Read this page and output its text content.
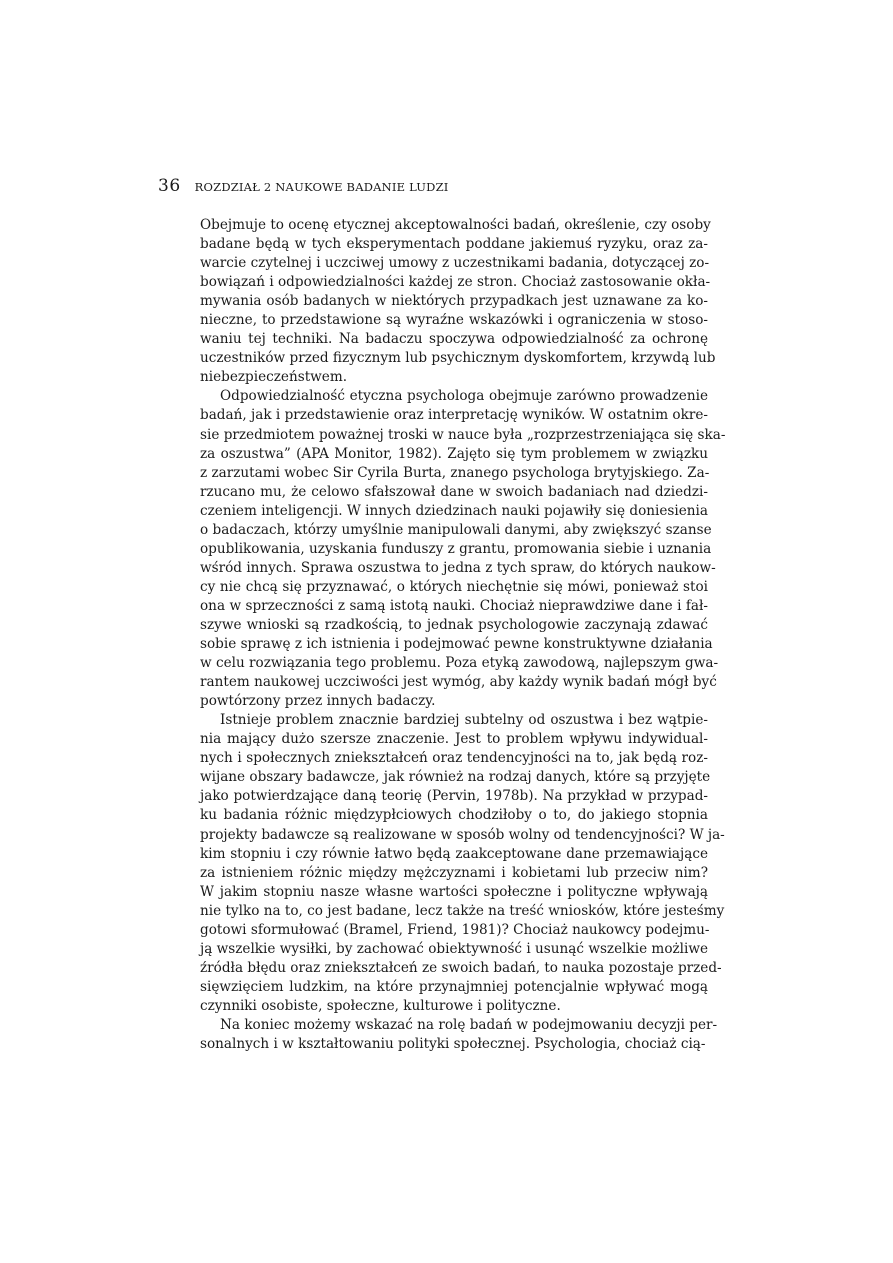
36 ROZDZIAŁ 2 NAUKOWE BADANIE LUDZI
Obejmuje to ocenę etycznej akceptowalności badań, określenie, czy osoby
badane będą w tych eksperymentach poddane jakiemuś ryzyku, oraz za-
warcie czytelnej i uczciwej umowy z uczestnikami badania, dotyczącej zo-
bowiązań i odpowiedzialności każdej ze stron. Chociaż zastosowanie okła-
mywania osób badanych w niektórych przypadkach jest uznawane za ko-
nieczne, to przedstawione są wyraźne wskazówki i ograniczenia w stoso-
waniu tej techniki. Na badaczu spoczywa odpowiedzialność za ochronę
uczestników przed fizycznym lub psychicznym dyskomfortem, krzywdą lub
niebezpieczeństwem.
Odpowiedzialność etyczna psychologa obejmuje zarówno prowadzenie
badań, jak i przedstawienie oraz interpretację wyników. W ostatnim okre-
sie przedmiotem poważnej troski w nauce była „rozprzestrzeniająca się ska-
za oszustwa” (APA Monitor, 1982). Zajęto się tym problemem w związku
z zarzutami wobec Sir Cyrila Burta, znanego psychologa brytyjskiego. Za-
rzucano mu, że celowo sfałszował dane w swoich badaniach nad dziedzi-
czeniem inteligencji. W innych dziedzinach nauki pojawiły się doniesienia
o badaczach, którzy umyślnie manipulowali danymi, aby zwiększyć szanse
opublikowania, uzyskania funduszy z grantu, promowania siebie i uznania
wśród innych. Sprawa oszustwa to jedna z tych spraw, do których naukow-
cy nie chcą się przyznawać, o których niechętnie się mówi, ponieważ stoi
ona w sprzeczności z samą istotą nauki. Chociaż nieprawdziwe dane i fał-
szywe wnioski są rzadkością, to jednak psychologowie zaczynają zdawać
sobie sprawę z ich istnienia i podejmować pewne konstruktywne działania
w celu rozwiązania tego problemu. Poza etyką zawodową, najlepszym gwa-
rantem naukowej uczciwości jest wymóg, aby każdy wynik badań mógł być
powtórzony przez innych badaczy.
Istnieje problem znacznie bardziej subtelny od oszustwa i bez wątpie-
nia mający dużo szersze znaczenie. Jest to problem wpływu indywidual-
nych i społecznych zniekształceń oraz tendencyjności na to, jak będą roz-
wijane obszary badawcze, jak również na rodzaj danych, które są przyjęte
jako potwierdzające daną teorię (Pervin, 1978b). Na przykład w przypad-
ku badania różnic międzypłciowych chodziłoby o to, do jakiego stopnia
projekty badawcze są realizowane w sposób wolny od tendencyjności? W ja-
kim stopniu i czy równie łatwo będą zaakceptowane dane przemawiające
za istnieniem różnic między mężczyznami i kobietami lub przeciw nim?
W jakim stopniu nasze własne wartości społeczne i polityczne wpływają
nie tylko na to, co jest badane, lecz także na treść wniosków, które jesteśmy
gotowi sformułować (Bramel, Friend, 1981)? Chociaż naukowcy podejmu-
ją wszelkie wysiłki, by zachować obiektywność i usunąć wszelkie możliwe
źródła błędu oraz zniekształceń ze swoich badań, to nauka pozostaje przed-
sięwzięciem ludzkim, na które przynajmniej potencjalnie wpływać mogą
czynniki osobiste, społeczne, kulturowe i polityczne.
Na koniec możemy wskazać na rolę badań w podejmowaniu decyzji per-
sonalnych i w kształtowaniu polityki społecznej. Psychologia, chociaż cią-
